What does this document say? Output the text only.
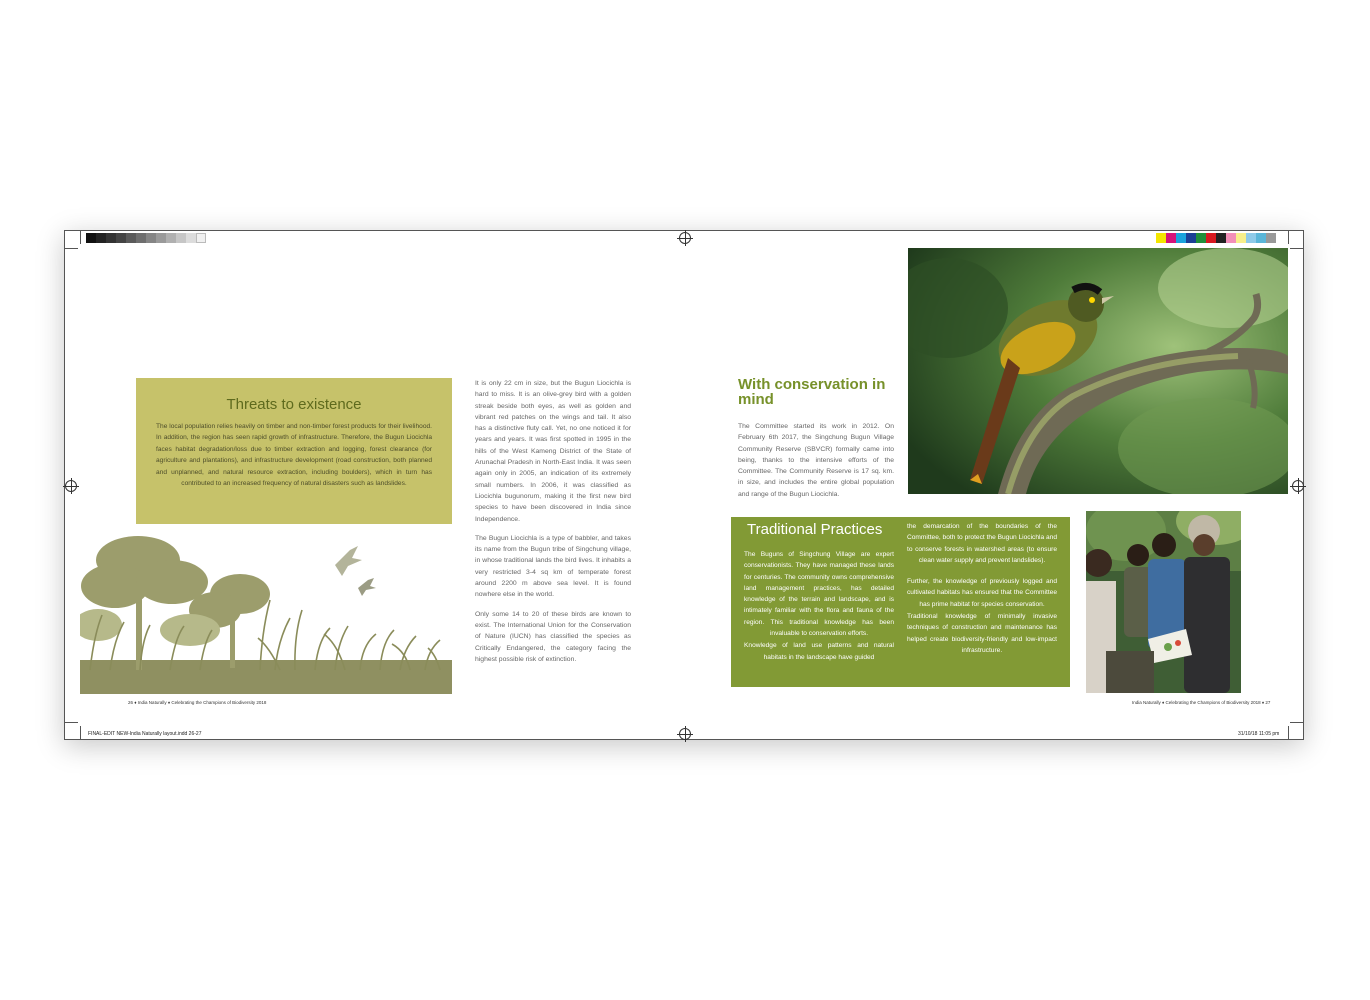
Threats to existence

The local population relies heavily on timber and non-timber forest products for their livelihood. In addition, the region has seen rapid growth of infrastructure. Therefore, the Bugun Liocichla faces habitat degradation/loss due to timber extraction and logging, forest clearance (for agriculture and plantations), and infrastructure development (road construction, both planned and unplanned, and natural resource extraction, including boulders), which in turn has contributed to an increased frequency of natural disasters such as landslides.

It is only 22 cm in size, but the Bugun Liocichla is hard to miss. It is an olive-grey bird with a golden streak beside both eyes, as well as golden and vibrant red patches on the wings and tail. It also has a distinctive fluty call. Yet, no one noticed it for years and years. It was first spotted in 1995 in the hills of the West Kameng District of the State of Arunachal Pradesh in North-East India. It was seen again only in 2005, an indication of its extremely small numbers. In 2006, it was classified as Liocichla bugunorum, making it the first new bird species to have been discovered in India since Independence.

The Bugun Liocichla is a type of babbler, and takes its name from the Bugun tribe of Singchung village, in whose traditional lands the bird lives. It inhabits a very restricted 3-4 sq km of temperate forest around 2200 m above sea level. It is found nowhere else in the world.

Only some 14 to 20 of these birds are known to exist. The International Union for the Conservation of Nature (IUCN) has classified the species as Critically Endangered, the category facing the highest possible risk of extinction.

26 ♦ India Naturally ♦ Celebrating the Champions of Biodiversity 2018
With conservation in mind
The Committee started its work in 2012. On February 6th 2017, the Singchung Bugun Village Community Reserve (SBVCR) formally came into being, thanks to the intensive efforts of the Committee. The Community Reserve is 17 sq. km. in size, and includes the entire global population and range of the Bugun Liocichla.
Traditional Practices

The Buguns of Singchung Village are expert conservationists. They have managed these lands for centuries. The community owns comprehensive land management practices, has detailed knowledge of the terrain and landscape, and is intimately familiar with the flora and fauna of the region. This traditional knowledge has been invaluable to conservation efforts.

Knowledge of land use patterns and natural habitats in the landscape have guided

the demarcation of the boundaries of the Committee, both to protect the Bugun Liocichla and to conserve forests in watershed areas (to ensure clean water supply and prevent landslides).

Further, the knowledge of previously logged and cultivated habitats has ensured that the Committee has prime habitat for species conservation.

Traditional knowledge of minimally invasive techniques of construction and maintenance has helped create biodiversity-friendly and low-impact infrastructure.

India Naturally ♦ Celebrating the Champions of Biodiversity 2018 ♦ 27
FINAL-EDIT NEW-India Naturally layout.indd 26-27	31/10/18 11:05 pm
